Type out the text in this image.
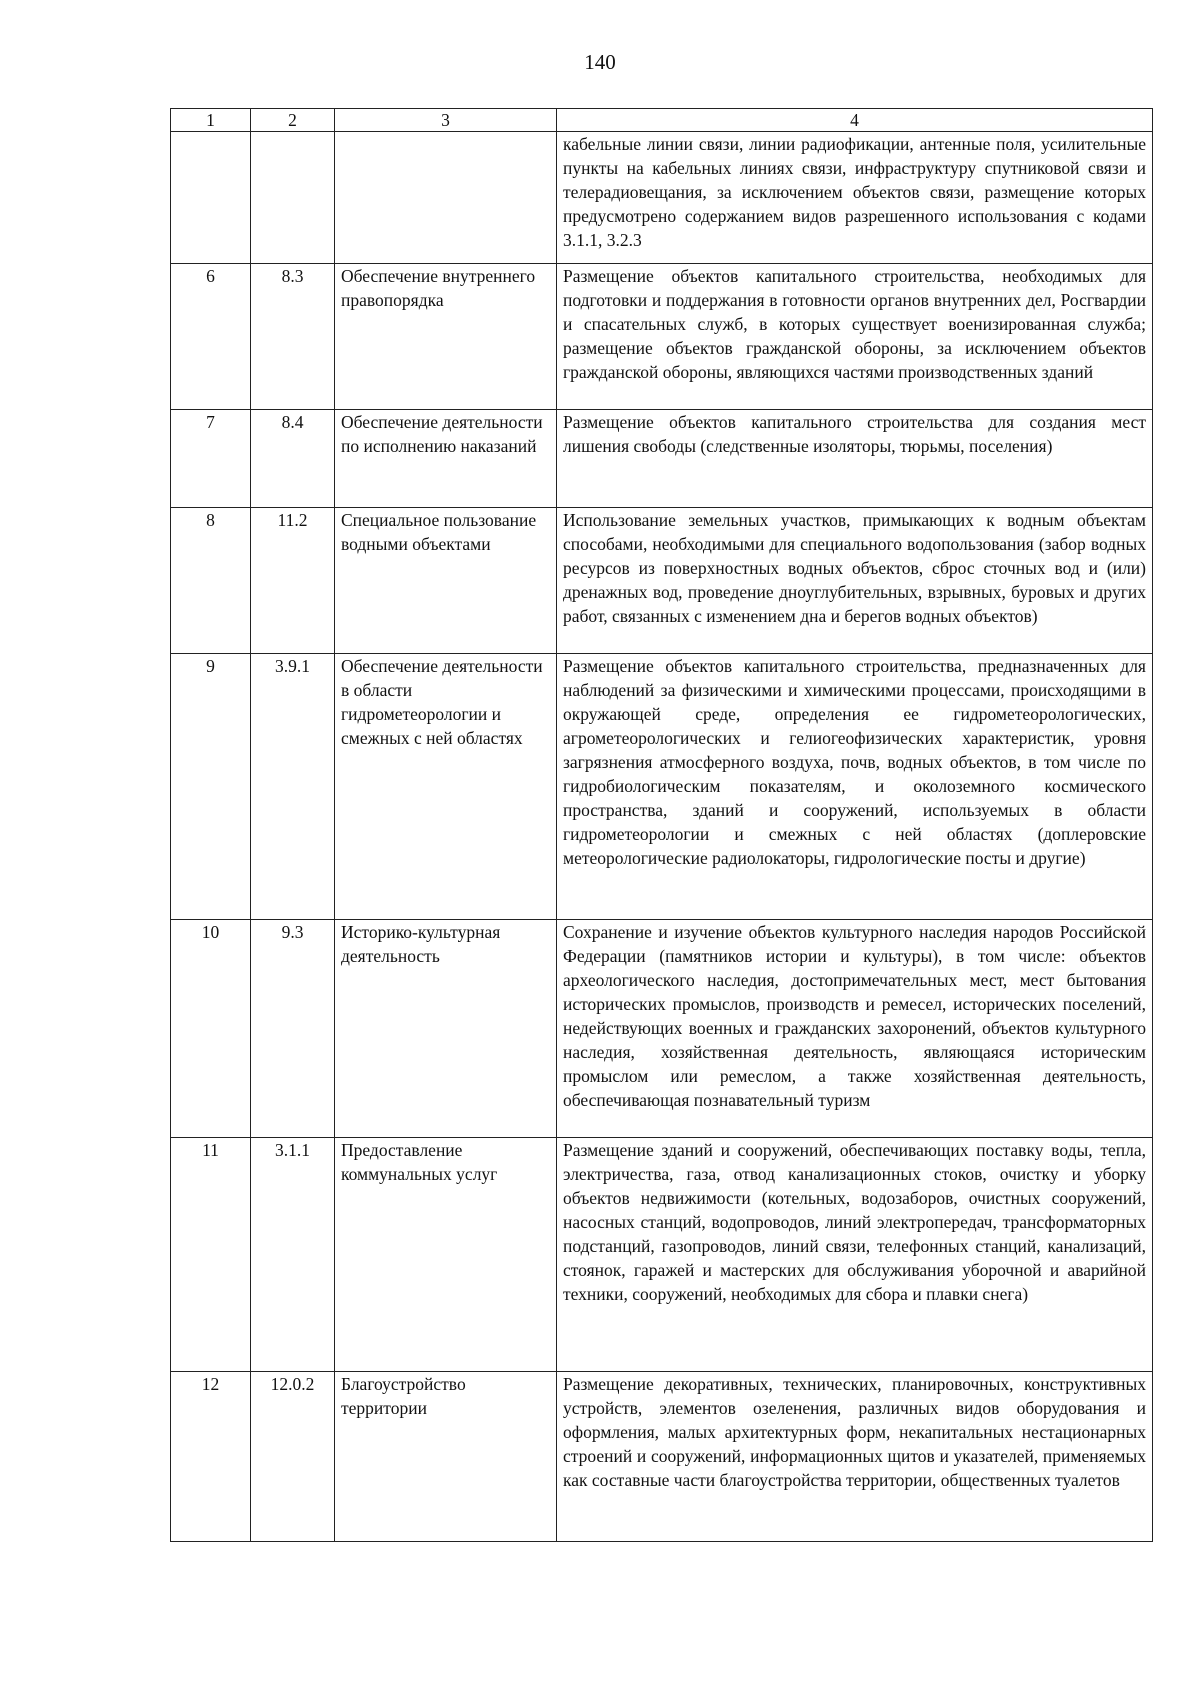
140
1	2	3	4
			кабельные линии связи, линии радиофикации, антенные поля, усилительные пункты на кабельных линиях связи, инфраструктуру спутниковой связи и телерадиовещания, за исключением объектов связи, размещение которых предусмотрено содержанием видов разрешенного использования с кодами 3.1.1, 3.2.3
6	8.3	Обеспечение внутреннего правопорядка	Размещение объектов капитального строительства, необходимых для подготовки и поддержания в готовности органов внутренних дел, Росгвардии и спасательных служб, в которых существует военизированная служба; размещение объектов гражданской обороны, за исключением объектов гражданской обороны, являющихся частями производственных зданий
7	8.4	Обеспечение деятельности по исполнению наказаний	Размещение объектов капитального строительства для создания мест лишения свободы (следственные изоляторы, тюрьмы, поселения)
8	11.2	Специальное пользование водными объектами	Использование земельных участков, примыкающих к водным объектам способами, необходимыми для специального водопользования (забор водных ресурсов из поверхностных водных объектов, сброс сточных вод и (или) дренажных вод, проведение дноуглубительных, взрывных, буровых и других работ, связанных с изменением дна и берегов водных объектов)
9	3.9.1	Обеспечение деятельности в области гидрометеорологии и смежных с ней областях	Размещение объектов капитального строительства, предназначенных для наблюдений за физическими и химическими процессами, происходящими в окружающей среде, определения ее гидрометеорологических, агрометеорологических и гелиогеофизических характеристик, уровня загрязнения атмосферного воздуха, почв, водных объектов, в том числе по гидробиологическим показателям, и околоземного космического пространства, зданий и сооружений, используемых в области гидрометеорологии и смежных с ней областях (доплеровские метеорологические радиолокаторы, гидрологические посты и другие)
10	9.3	Историко-культурная деятельность	Сохранение и изучение объектов культурного наследия народов Российской Федерации (памятников истории и культуры), в том числе: объектов археологического наследия, достопримечательных мест, мест бытования исторических промыслов, производств и ремесел, исторических поселений, недействующих военных и гражданских захоронений, объектов культурного наследия, хозяйственная деятельность, являющаяся историческим промыслом или ремеслом, а также хозяйственная деятельность, обеспечивающая познавательный туризм
11	3.1.1	Предоставление коммунальных услуг	Размещение зданий и сооружений, обеспечивающих поставку воды, тепла, электричества, газа, отвод канализационных стоков, очистку и уборку объектов недвижимости (котельных, водозаборов, очистных сооружений, насосных станций, водопроводов, линий электропередач, трансформаторных подстанций, газопроводов, линий связи, телефонных станций, канализаций, стоянок, гаражей и мастерских для обслуживания уборочной и аварийной техники, сооружений, необходимых для сбора и плавки снега)
12	12.0.2	Благоустройство территории	Размещение декоративных, технических, планировочных, конструктивных устройств, элементов озеленения, различных видов оборудования и оформления, малых архитектурных форм, некапитальных нестационарных строений и сооружений, информационных щитов и указателей, применяемых как составные части благоустройства территории, общественных туалетов
